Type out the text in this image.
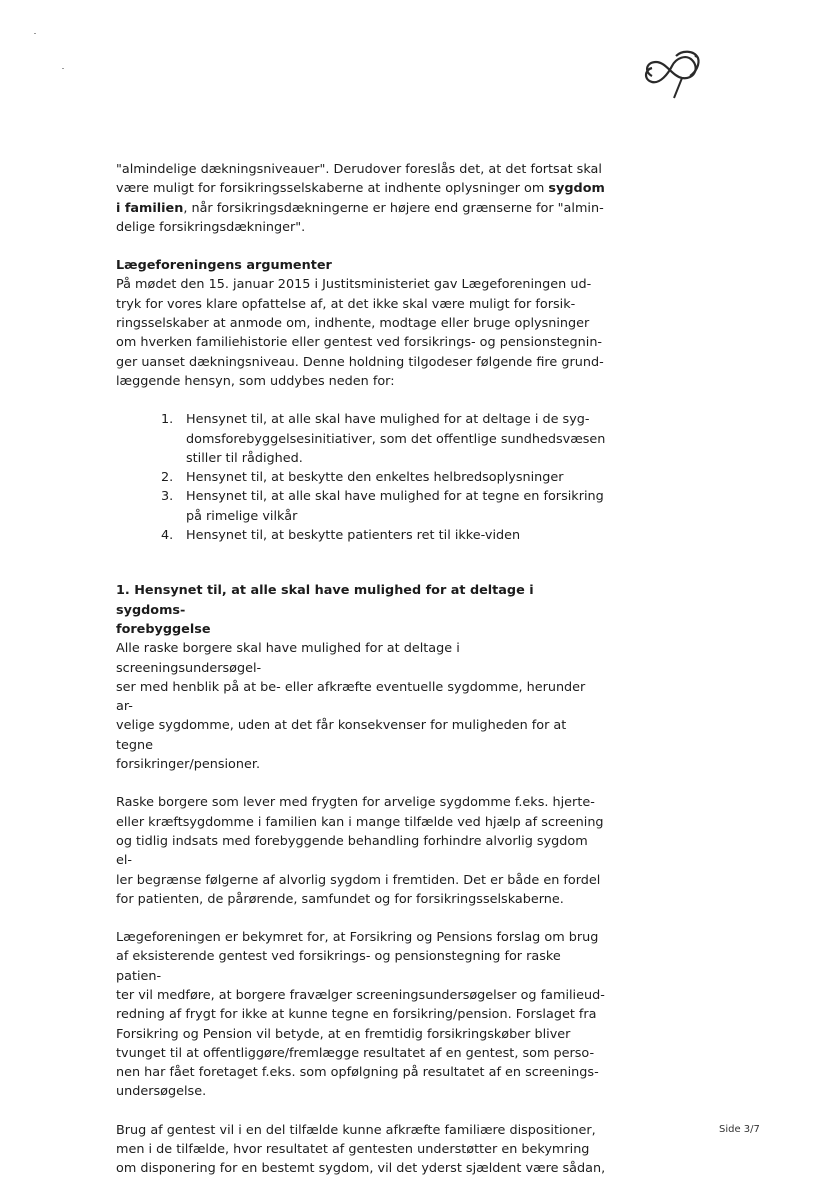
"almindelige dækningsniveauer". Derudover foreslås det, at det fortsat skal
være muligt for forsikringsselskaberne at indhente oplysninger om sygdom
i familien, når forsikringsdækningerne er højere end grænserne for "almin-
delige forsikringsdækninger".

Lægeforeningens argumenter

På mødet den 15. januar 2015 i Justitsministeriet gav Lægeforeningen ud-
tryk for vores klare opfattelse af, at det ikke skal være muligt for forsik-
ringsselskaber at anmode om, indhente, modtage eller bruge oplysninger
om hverken familiehistorie eller gentest ved forsikrings- og pensionstegnin-
ger uanset dækningsniveau. Denne holdning tilgodeser følgende fire grund-
læggende hensyn, som uddybes neden for:

1. Hensynet til, at alle skal have mulighed for at deltage i de syg-
domsforebyggelsesinitiativer, som det offentlige sundhedsvæsen
stiller til rådighed.
2. Hensynet til, at beskytte den enkeltes helbredsoplysninger
3. Hensynet til, at alle skal have mulighed for at tegne en forsikring
på rimelige vilkår
4. Hensynet til, at beskytte patienters ret til ikke-viden

1. Hensynet til, at alle skal have mulighed for at deltage i sygdoms-
forebyggelse

Alle raske borgere skal have mulighed for at deltage i screeningsundersøgel-
ser med henblik på at be- eller afkræfte eventuelle sygdomme, herunder ar-
velige sygdomme, uden at det får konsekvenser for muligheden for at tegne
forsikringer/pensioner.

Raske borgere som lever med frygten for arvelige sygdomme f.eks. hjerte-
eller kræftsygdomme i familien kan i mange tilfælde ved hjælp af screening
og tidlig indsats med forebyggende behandling forhindre alvorlig sygdom el-
ler begrænse følgerne af alvorlig sygdom i fremtiden. Det er både en fordel
for patienten, de pårørende, samfundet og for forsikringsselskaberne.

Lægeforeningen er bekymret for, at Forsikring og Pensions forslag om brug
af eksisterende gentest ved forsikrings- og pensionstegning for raske patien-
ter vil medføre, at borgere fravælger screeningsundersøgelser og familieud-
redning af frygt for ikke at kunne tegne en forsikring/pension. Forslaget fra
Forsikring og Pension vil betyde, at en fremtidig forsikringskøber bliver
tvunget til at offentliggøre/fremlægge resultatet af en gentest, som perso-
nen har fået foretaget f.eks. som opfølgning på resultatet af en screenings-
undersøgelse.

Brug af gentest vil i en del tilfælde kunne afkræfte familiære dispositioner,
men i de tilfælde, hvor resultatet af gentesten understøtter en bekymring
om disponering for en bestemt sygdom, vil det yderst sjældent være sådan,

Side 3/7
